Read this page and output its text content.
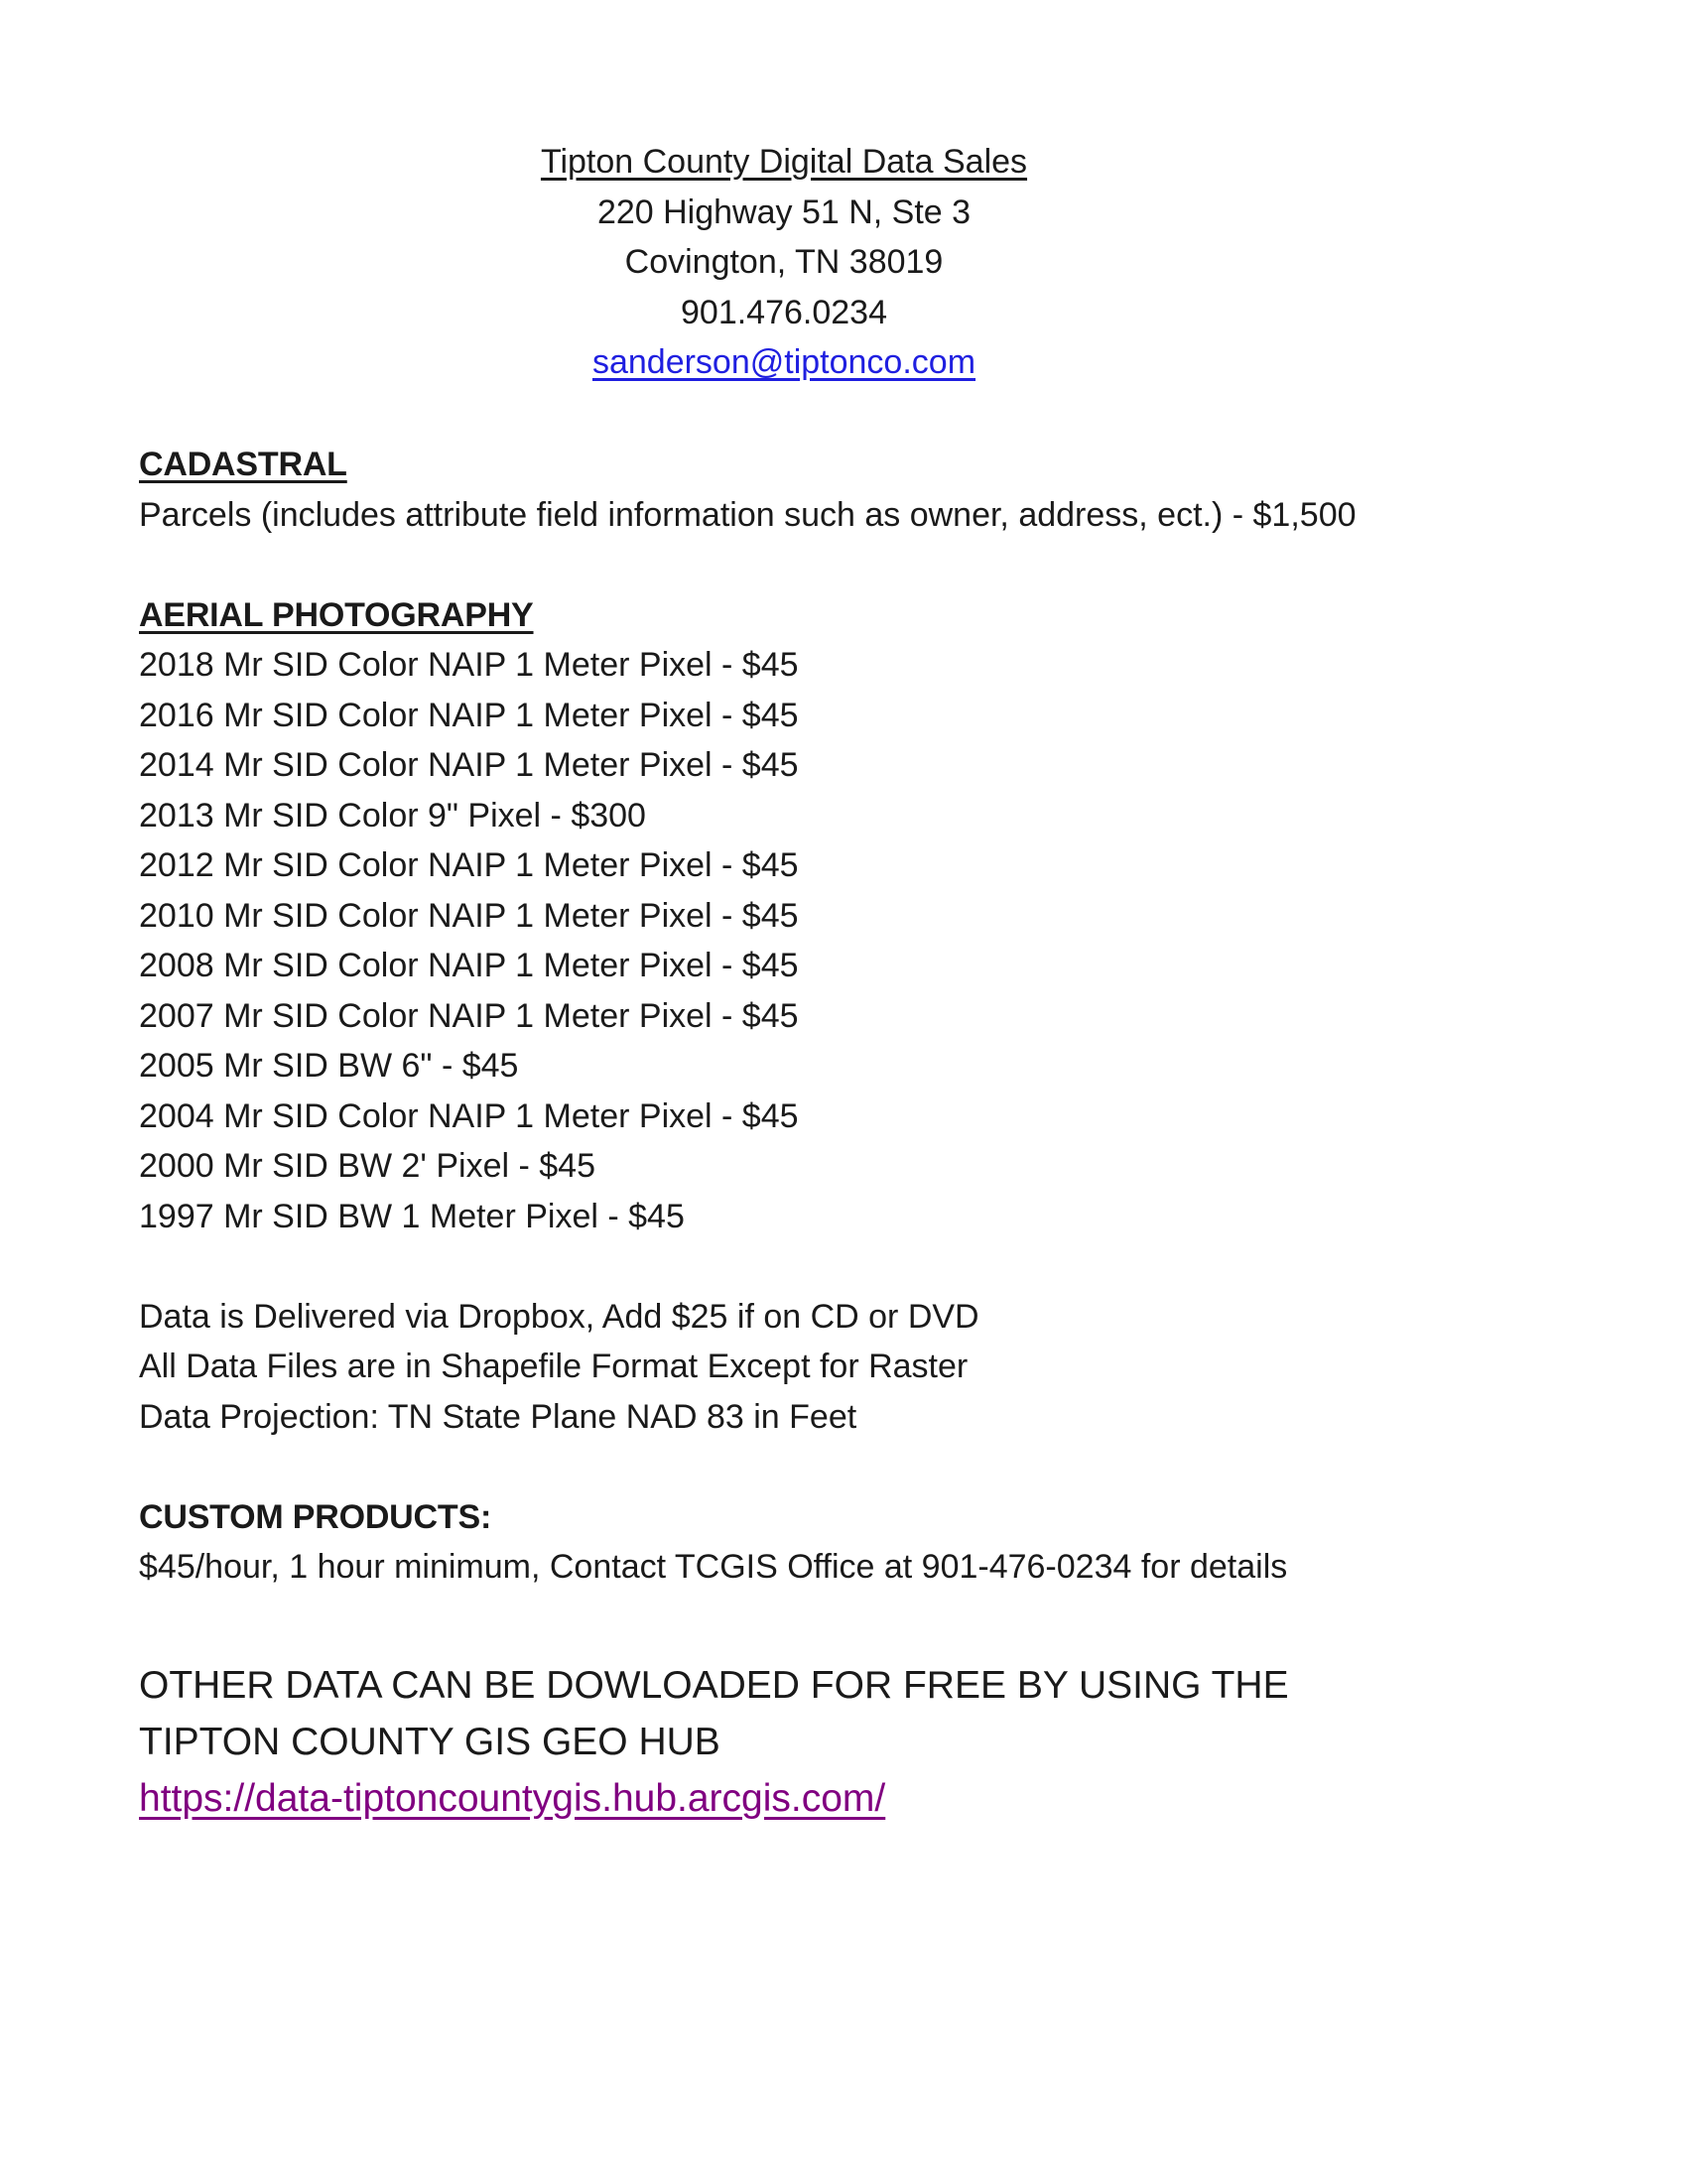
Tipton County Digital Data Sales
220 Highway 51 N, Ste 3
Covington, TN 38019
901.476.0234
sanderson@tiptonco.com
CADASTRAL
Parcels (includes attribute field information such as owner, address, ect.) - $1,500
AERIAL PHOTOGRAPHY
2018 Mr SID Color NAIP 1 Meter Pixel - $45
2016 Mr SID Color NAIP 1 Meter Pixel - $45
2014 Mr SID Color NAIP 1 Meter Pixel - $45
2013 Mr SID Color 9" Pixel - $300
2012 Mr SID Color NAIP 1 Meter Pixel - $45
2010 Mr SID Color NAIP 1 Meter Pixel - $45
2008 Mr SID Color NAIP 1 Meter Pixel - $45
2007 Mr SID Color NAIP 1 Meter Pixel - $45
2005 Mr SID BW 6" - $45
2004 Mr SID Color NAIP 1 Meter Pixel - $45
2000 Mr SID BW 2' Pixel - $45
1997 Mr SID BW 1 Meter Pixel - $45
Data is Delivered via Dropbox, Add $25 if on CD or DVD
All Data Files are in Shapefile Format Except for Raster
Data Projection: TN State Plane NAD 83 in Feet
CUSTOM PRODUCTS:
$45/hour, 1 hour minimum, Contact TCGIS Office at 901-476-0234 for details
OTHER DATA CAN BE DOWLOADED FOR FREE BY USING THE
TIPTON COUNTY GIS GEO HUB
https://data-tiptoncountygis.hub.arcgis.com/
